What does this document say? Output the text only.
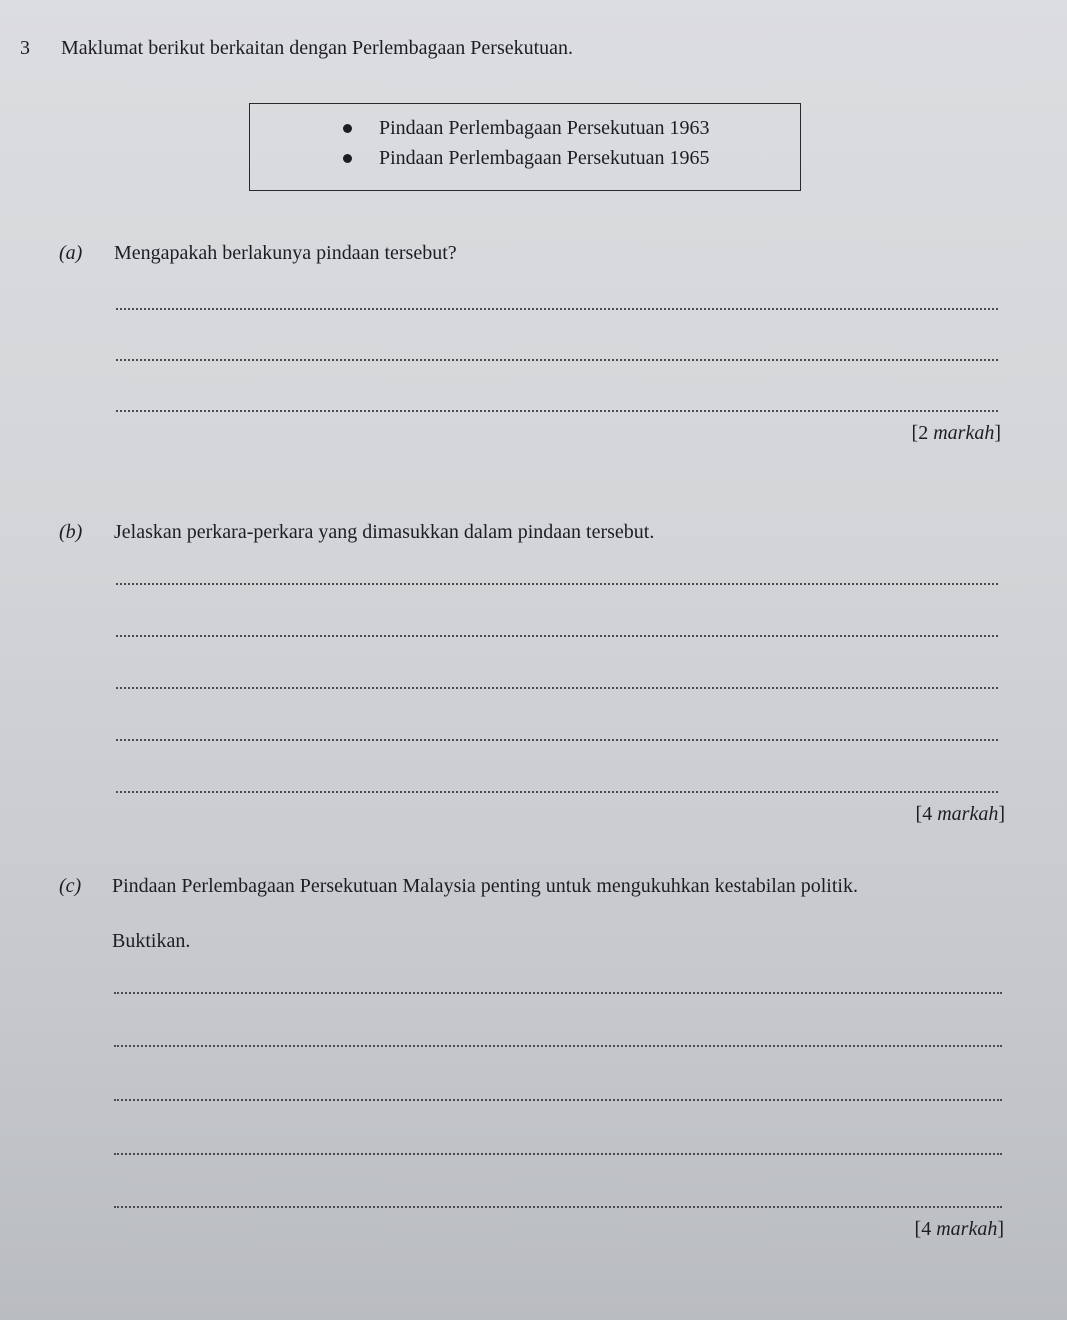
3 Maklumat berikut berkaitan dengan Perlembagaan Persekutuan.
Pindaan Perlembagaan Persekutuan 1963
Pindaan Perlembagaan Persekutuan 1965
(a) Mengapakah berlakunya pindaan tersebut?
[2 markah]
(b) Jelaskan perkara-perkara yang dimasukkan dalam pindaan tersebut.
[4 markah]
(c) Pindaan Perlembagaan Persekutuan Malaysia penting untuk mengukuhkan kestabilan politik.
Buktikan.
[4 markah]
